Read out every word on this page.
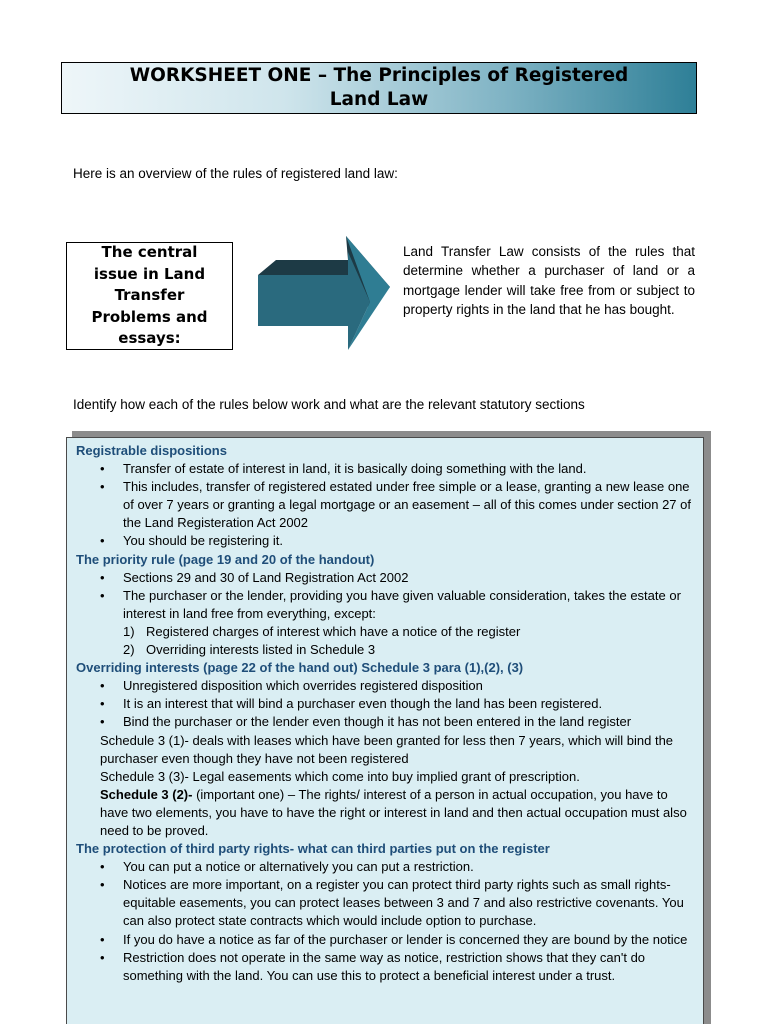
WORKSHEET ONE – The Principles of Registered
Land Law
Here is an overview of the rules of registered land law:

The central
issue in Land
Transfer
Problems and
essays:

Land Transfer Law consists of the rules that determine whether a purchaser of land or a mortgage lender will take free from or subject to property rights in the land that he has bought.
Identify how each of the rules below work and what are the relevant statutory sections

Registrable dispositions

• Transfer of estate of interest in land, it is basically doing something with the land.
• This includes, transfer of registered estated under free simple or a lease, granting a new lease one of over 7 years or granting a legal mortgage or an easement – all of this comes under section 27 of the Land Registeration Act 2002
• You should be registering it.

The priority rule (page 19 and 20 of the handout)

• Sections 29 and 30 of Land Registration Act 2002
• The purchaser or the lender, providing you have given valuable consideration, takes the estate or interest in land free from everything, except:
1) Registered charges of interest which have a notice of the register
2) Overriding interests listed in Schedule 3

Overriding interests (page 22 of the hand out) Schedule 3 para (1),(2), (3)

• Unregistered disposition which overrides registered disposition
• It is an interest that will bind a purchaser even though the land has been registered.
• Bind the purchaser or the lender even though it has not been entered in the land register

Schedule 3 (1)- deals with leases which have been granted for less then 7 years, which will bind the purchaser even though they have not been registered

Schedule 3 (3)- Legal easements which come into buy implied grant of prescription.

Schedule 3 (2)- (important one) – The rights/ interest of a person in actual occupation, you have to have two elements, you have to have the right or interest in land and then actual occupation must also need to be proved.

The protection of third party rights- what can third parties put on the register

• You can put a notice or alternatively you can put a restriction.
• Notices are more important, on a register you can protect third party rights such as small rights- equitable easements, you can protect leases between 3 and 7 and also restrictive covenants. You can also protect state contracts which would include option to purchase.
• If you do have a notice as far of the purchaser or lender is concerned they are bound by the notice
• Restriction does not operate in the same way as notice, restriction shows that they can't do something with the land. You can use this to protect a beneficial interest under a trust.
